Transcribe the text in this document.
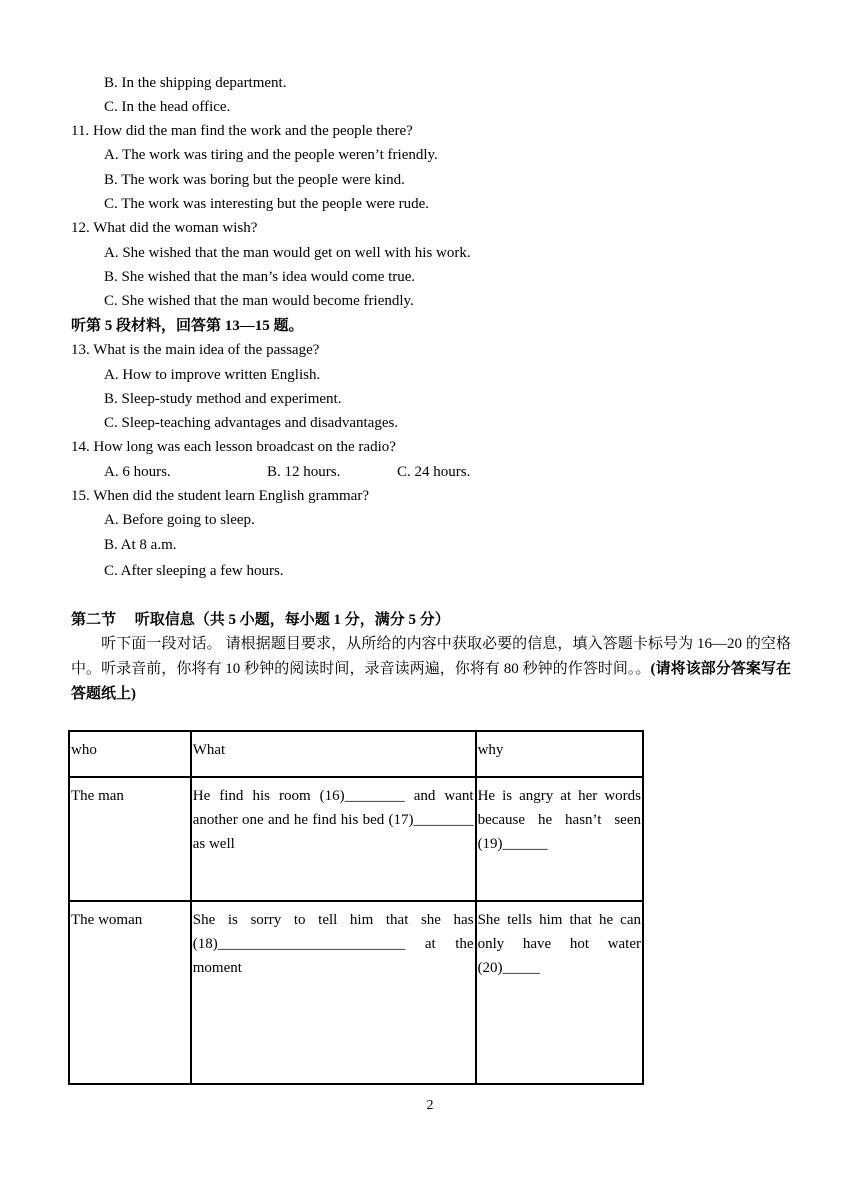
B. In the shipping department.
C. In the head office.
11. How did the man find the work and the people there?
A. The work was tiring and the people weren’t friendly.
B. The work was boring but the people were kind.
C. The work was interesting but the people were rude.
12. What did the woman wish?
A. She wished that the man would get on well with his work.
B. She wished that the man’s idea would come true.
C. She wished that the man would become friendly.
听第 5 段材料，回答第 13—15 题。
13. What is the main idea of the passage?
A. How to improve written English.
B. Sleep-study method and experiment.
C. Sleep-teaching advantages and disadvantages.
14. How long was each lesson broadcast on the radio?
A. 6 hours.	B. 12 hours.	C. 24 hours.
15. When did the student learn English grammar?
A. Before going to sleep.
B. At 8 a.m.
C. After sleeping a few hours.
第二节　 听取信息（共 5 小题，每小题 1 分，满分 5 分）
听下面一段对话。 请根据题目要求，从所给的内容中获取必要的信息，填入答题卡标号为 16—20 的空格中。听录音前，你将有 10 秒钟的阅读时间，录音读两遍，你将有 80 秒钟的作答时间。。(请将该部分答案写在答题纸上)
who	What	why
The man	He find his room (16)________ and want another one and he find his bed (17)________ as well	He is angry at her words because he hasn’t seen (19)______
The woman	She is sorry to tell him that she has (18)_________________________ at the moment	She tells him that he can only have hot water (20)_____
2
